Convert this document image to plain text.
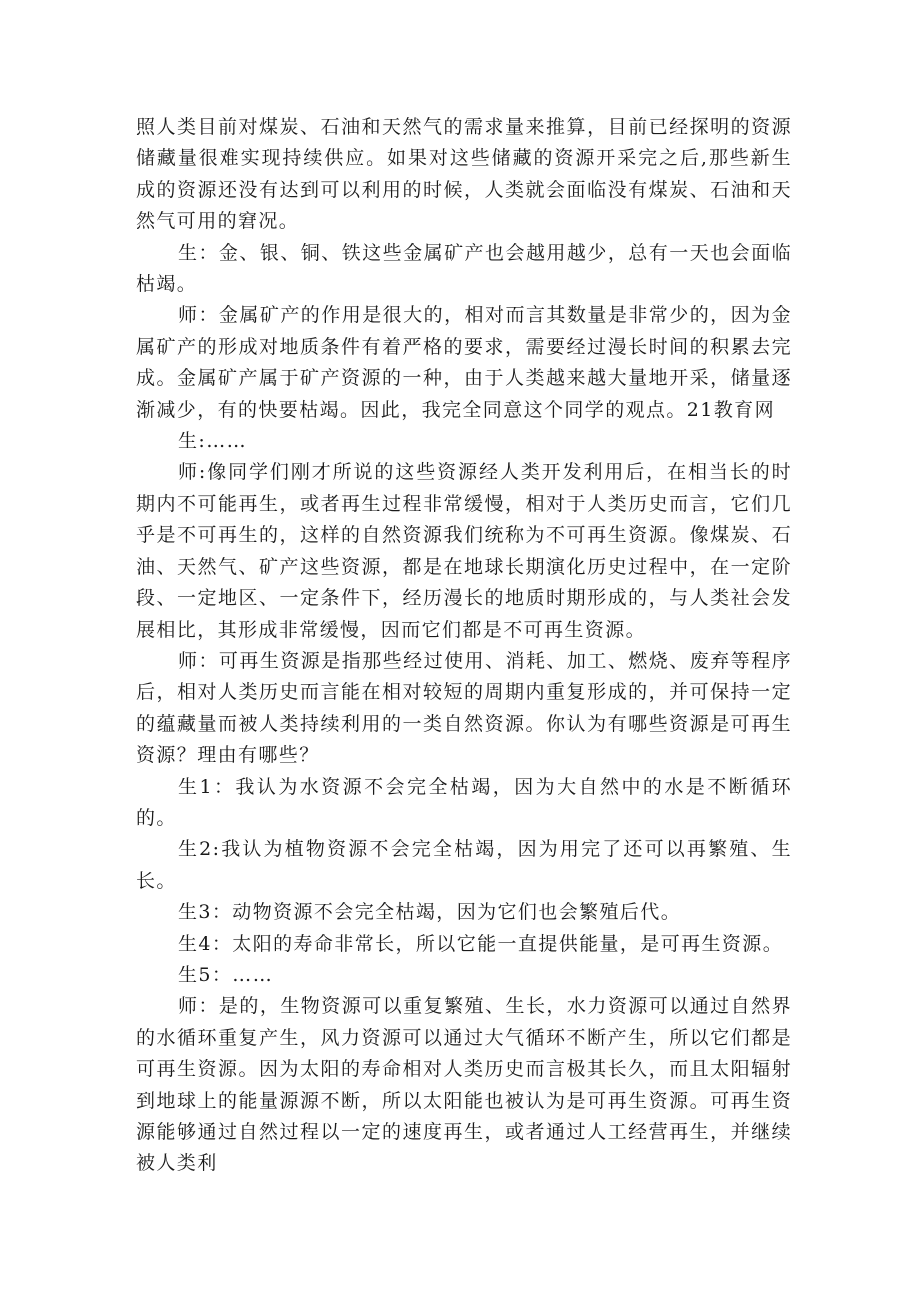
照人类目前对煤炭、石油和天然气的需求量来推算，目前已经探明的资源储藏量很难实现持续供应。如果对这些储藏的资源开采完之后,那些新生成的资源还没有达到可以利用的时候，人类就会面临没有煤炭、石油和天然气可用的窘况。

生：金、银、铜、铁这些金属矿产也会越用越少，总有一天也会面临枯竭。

师：金属矿产的作用是很大的，相对而言其数量是非常少的，因为金属矿产的形成对地质条件有着严格的要求，需要经过漫长时间的积累去完成。金属矿产属于矿产资源的一种，由于人类越来越大量地开采，储量逐渐减少，有的快要枯竭。因此，我完全同意这个同学的观点。21教育网

生:……

师:像同学们刚才所说的这些资源经人类开发利用后，在相当长的时期内不可能再生，或者再生过程非常缓慢，相对于人类历史而言，它们几乎是不可再生的，这样的自然资源我们统称为不可再生资源。像煤炭、石油、天然气、矿产这些资源，都是在地球长期演化历史过程中，在一定阶段、一定地区、一定条件下，经历漫长的地质时期形成的，与人类社会发展相比，其形成非常缓慢，因而它们都是不可再生资源。

师：可再生资源是指那些经过使用、消耗、加工、燃烧、废弃等程序后，相对人类历史而言能在相对较短的周期内重复形成的，并可保持一定的蕴藏量而被人类持续利用的一类自然资源。你认为有哪些资源是可再生资源？理由有哪些？

生1：我认为水资源不会完全枯竭，因为大自然中的水是不断循环的。

生2:我认为植物资源不会完全枯竭，因为用完了还可以再繁殖、生长。

生3：动物资源不会完全枯竭，因为它们也会繁殖后代。

生4：太阳的寿命非常长，所以它能一直提供能量，是可再生资源。

生5：……

师：是的，生物资源可以重复繁殖、生长，水力资源可以通过自然界的水循环重复产生，风力资源可以通过大气循环不断产生，所以它们都是可再生资源。因为太阳的寿命相对人类历史而言极其长久，而且太阳辐射到地球上的能量源源不断，所以太阳能也被认为是可再生资源。可再生资源能够通过自然过程以一定的速度再生，或者通过人工经营再生，并继续被人类利
